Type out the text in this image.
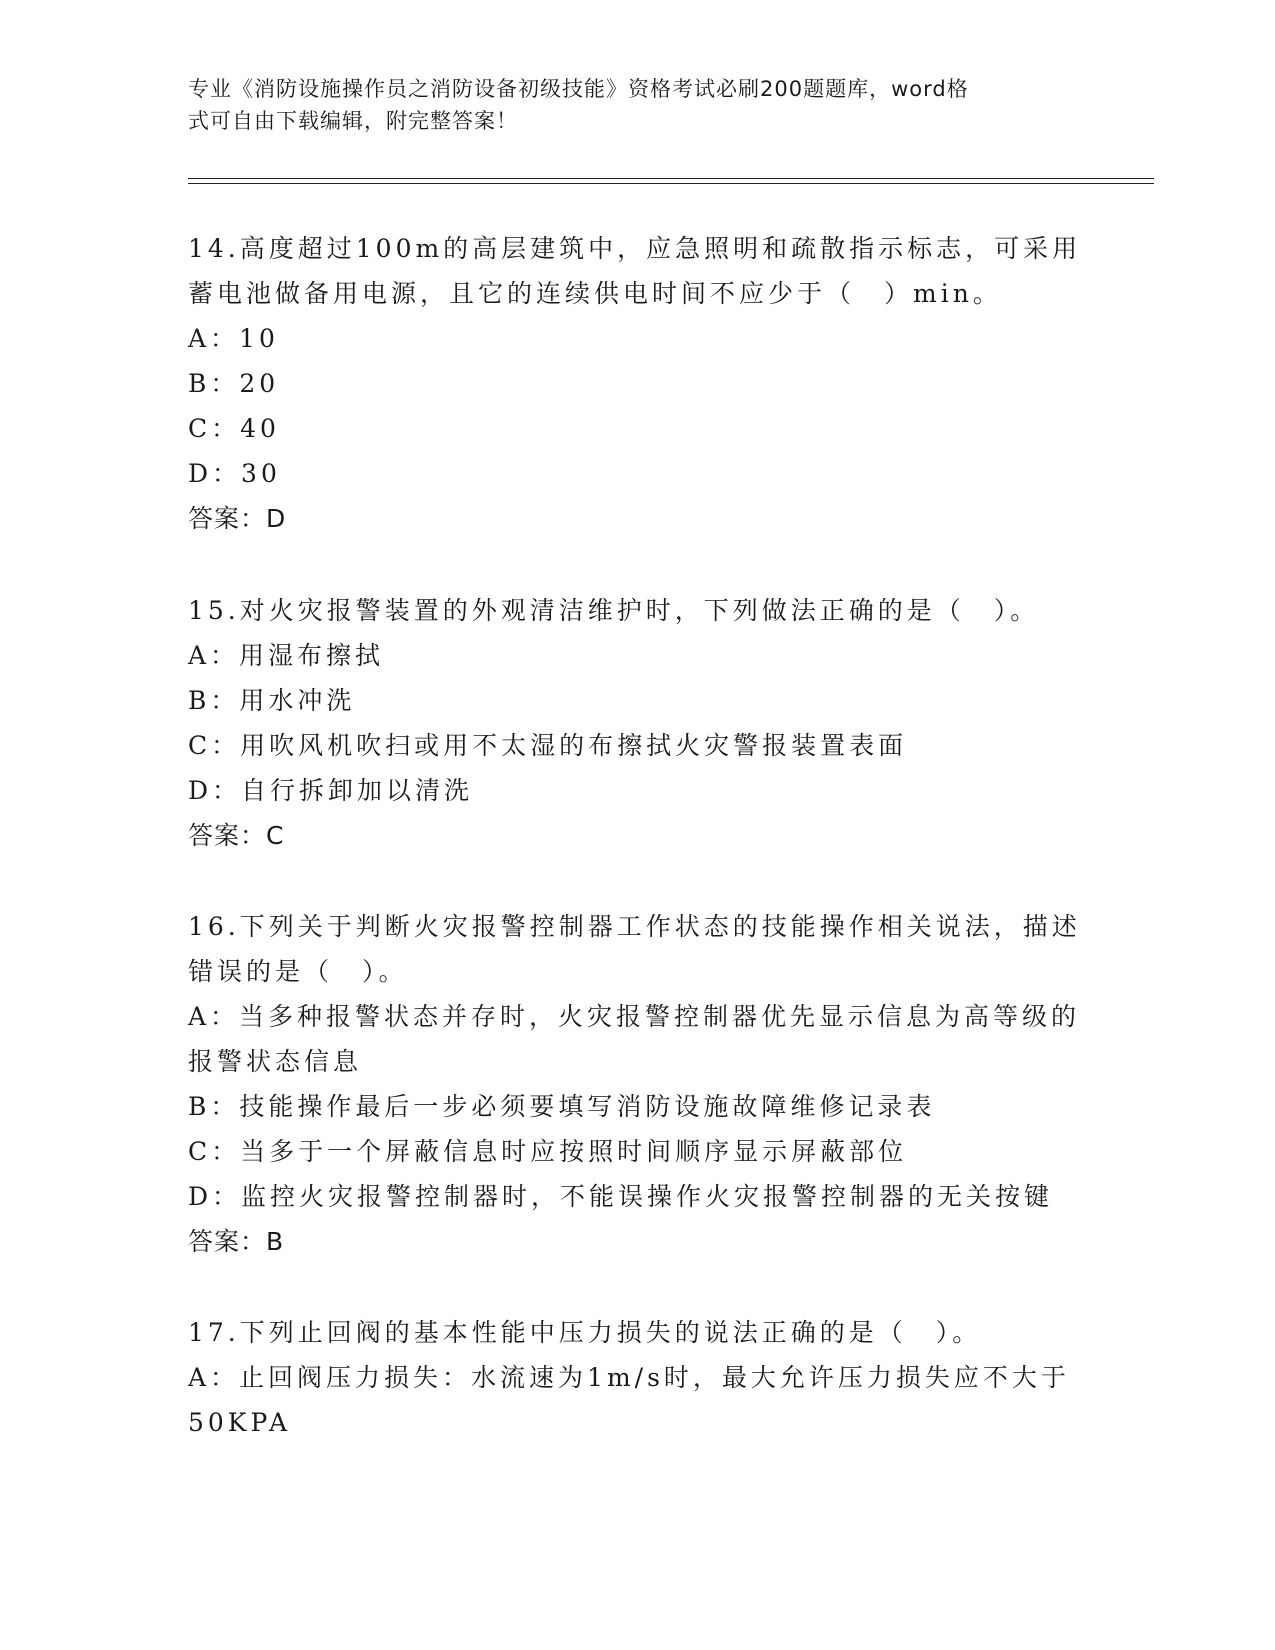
专业《消防设施操作员之消防设备初级技能》资格考试必刷200题题库，word格
式可自由下载编辑，附完整答案！
14.高度超过100m的高层建筑中，应急照明和疏散指示标志，可采用
蓄电池做备用电源，且它的连续供电时间不应少于（　）min。
A：10
B：20
C：40
D：30
答案：D
15.对火灾报警装置的外观清洁维护时，下列做法正确的是（　）。
A：用湿布擦拭
B：用水冲洗
C：用吹风机吹扫或用不太湿的布擦拭火灾警报装置表面
D：自行拆卸加以清洗
答案：C
16.下列关于判断火灾报警控制器工作状态的技能操作相关说法，描述
错误的是（　）。
A：当多种报警状态并存时，火灾报警控制器优先显示信息为高等级的
报警状态信息
B：技能操作最后一步必须要填写消防设施故障维修记录表
C：当多于一个屏蔽信息时应按照时间顺序显示屏蔽部位
D：监控火灾报警控制器时，不能误操作火灾报警控制器的无关按键
答案：B
17.下列止回阀的基本性能中压力损失的说法正确的是（　）。
A：止回阀压力损失：水流速为1m/s时，最大允许压力损失应不大于
50KPA
